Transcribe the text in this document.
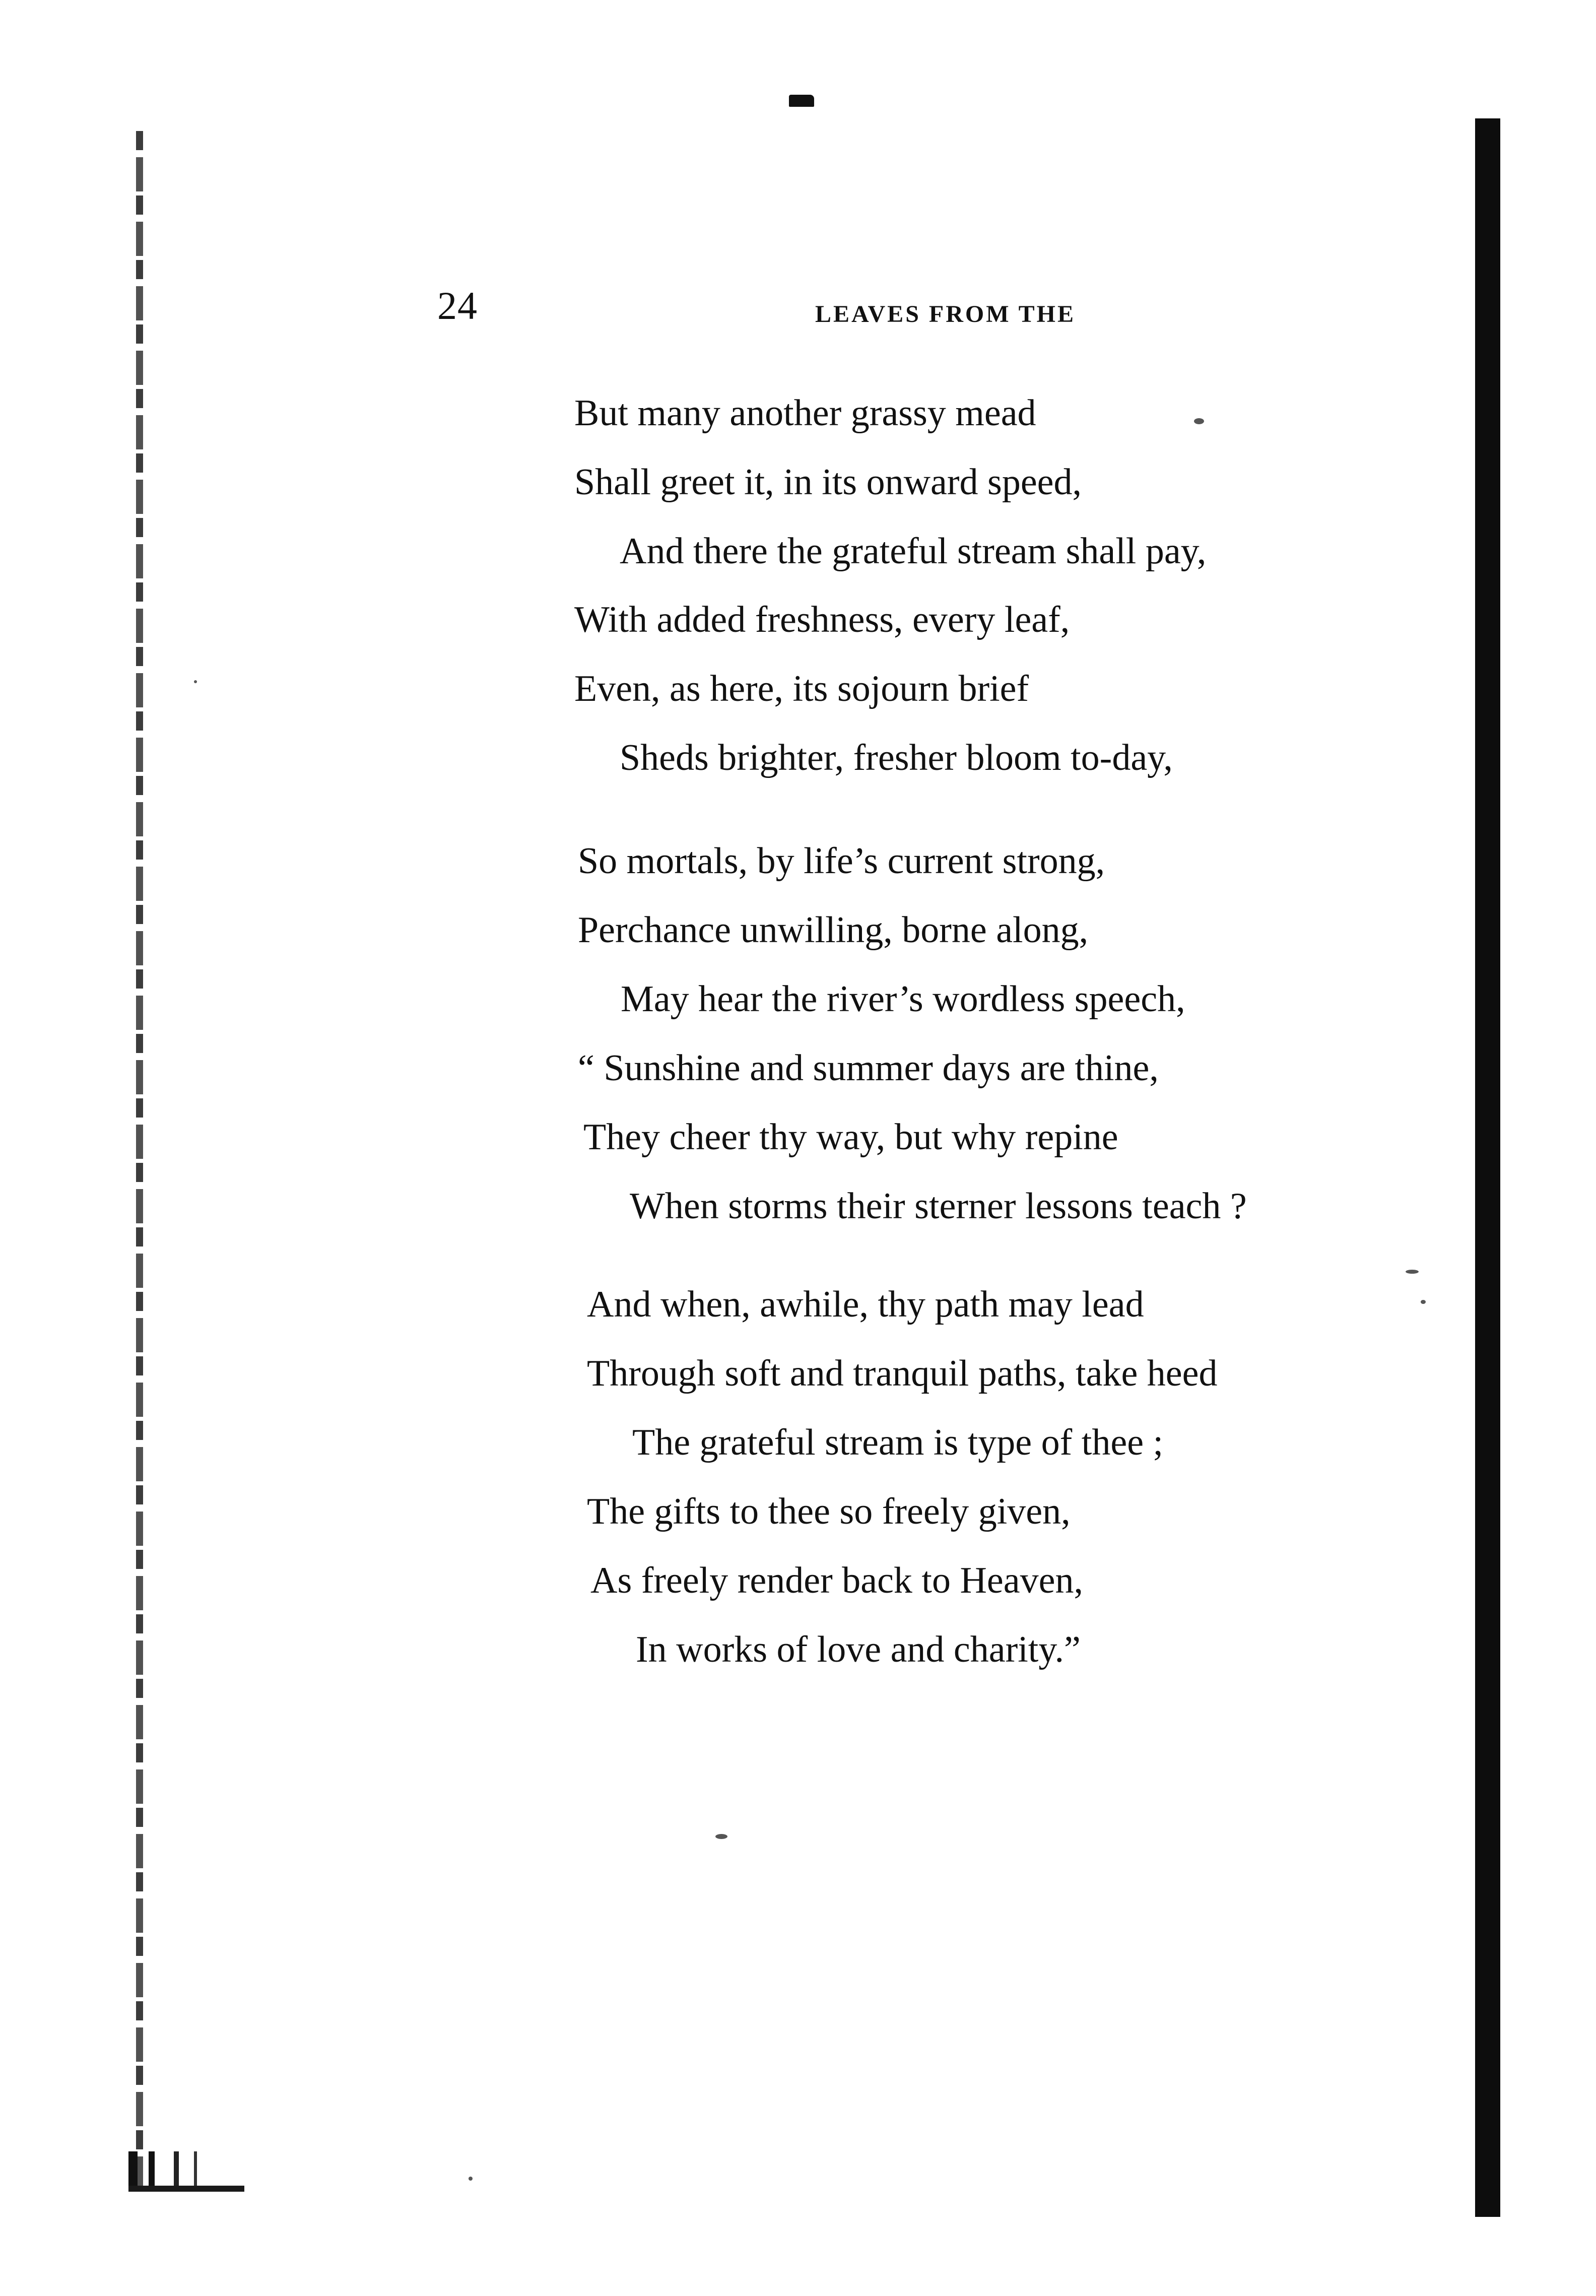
24	LEAVES FROM THE
But many another grassy mead
Shall greet it, in its onward speed,
And there the grateful stream shall pay,
With added freshness, every leaf,
Even, as here, its sojourn brief
Sheds brighter, fresher bloom to-day,
So mortals, by life’s current strong,
Perchance unwilling, borne along,
May hear the river’s wordless speech,
“ Sunshine and summer days are thine,
They cheer thy way, but why repine
When storms their sterner lessons teach ?
And when, awhile, thy path may lead
Through soft and tranquil paths, take heed
The grateful stream is type of thee ;
The gifts to thee so freely given,
As freely render back to Heaven,
In works of love and charity.”
